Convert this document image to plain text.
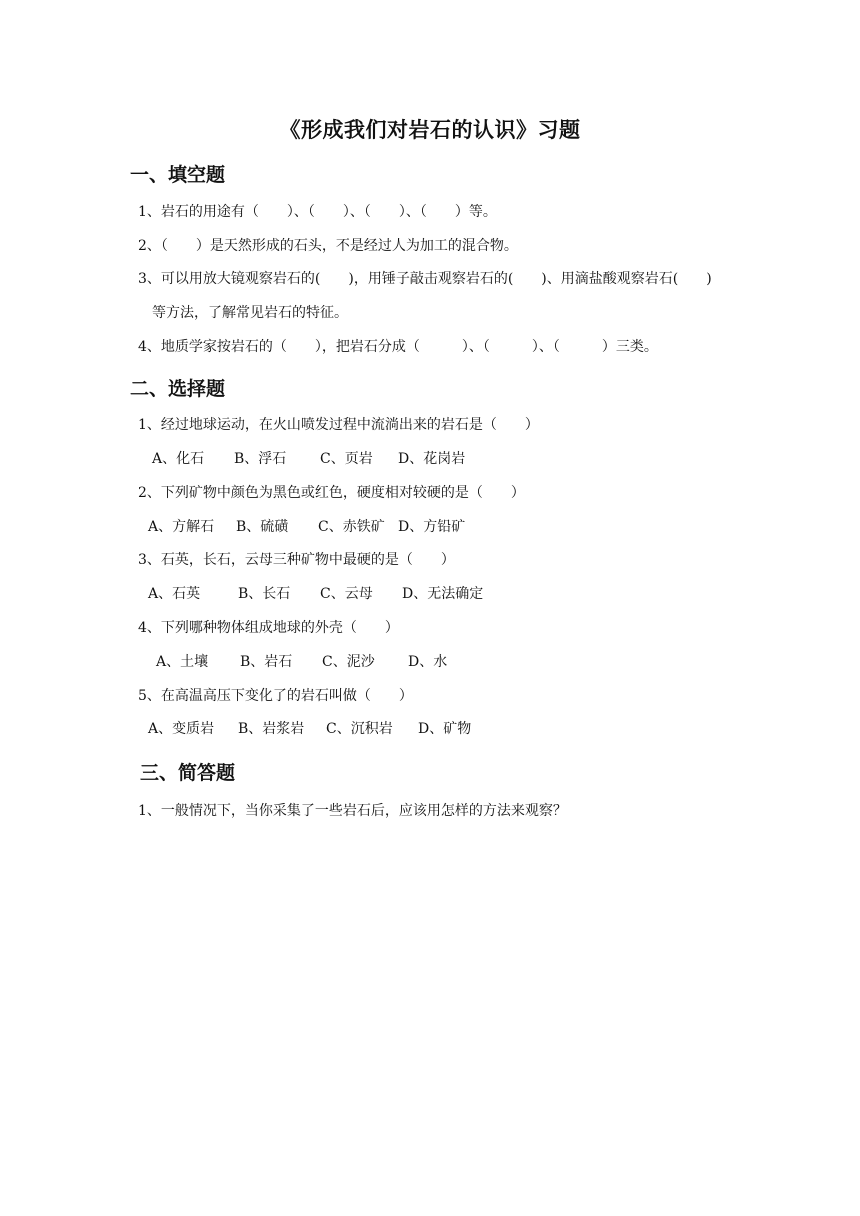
《形成我们对岩石的认识》习题
一、填空题
1、岩石的用途有（　　）、（　　）、（　　）、（　　）等。
2、（　　）是天然形成的石头，不是经过人为加工的混合物。
3、可以用放大镜观察岩石的(　　)，用锤子敲击观察岩石的(　　)、用滴盐酸观察岩石(　　)
等方法，了解常见岩石的特征。
4、地质学家按岩石的（　　），把岩石分成（　　　）、（　　　）、（　　　）三类。
二、选择题
1、经过地球运动，在火山喷发过程中流淌出来的岩石是（　　）
A、化石 B、浮石 C、页岩 D、花岗岩
2、下列矿物中颜色为黑色或红色，硬度相对较硬的是（　　）
A、方解石 B、硫磺 C、赤铁矿 D、方铅矿
3、石英，长石，云母三种矿物中最硬的是（　　）
A、石英	B、长石 C、云母 D、无法确定
4、下列哪种物体组成地球的外壳（　　）
A、土壤 B、岩石 C、泥沙 D、水
5、在高温高压下变化了的岩石叫做（　　）
A、变质岩 B、岩浆岩 C、沉积岩 D、矿物
三、简答题
1、一般情况下，当你采集了一些岩石后，应该用怎样的方法来观察？
